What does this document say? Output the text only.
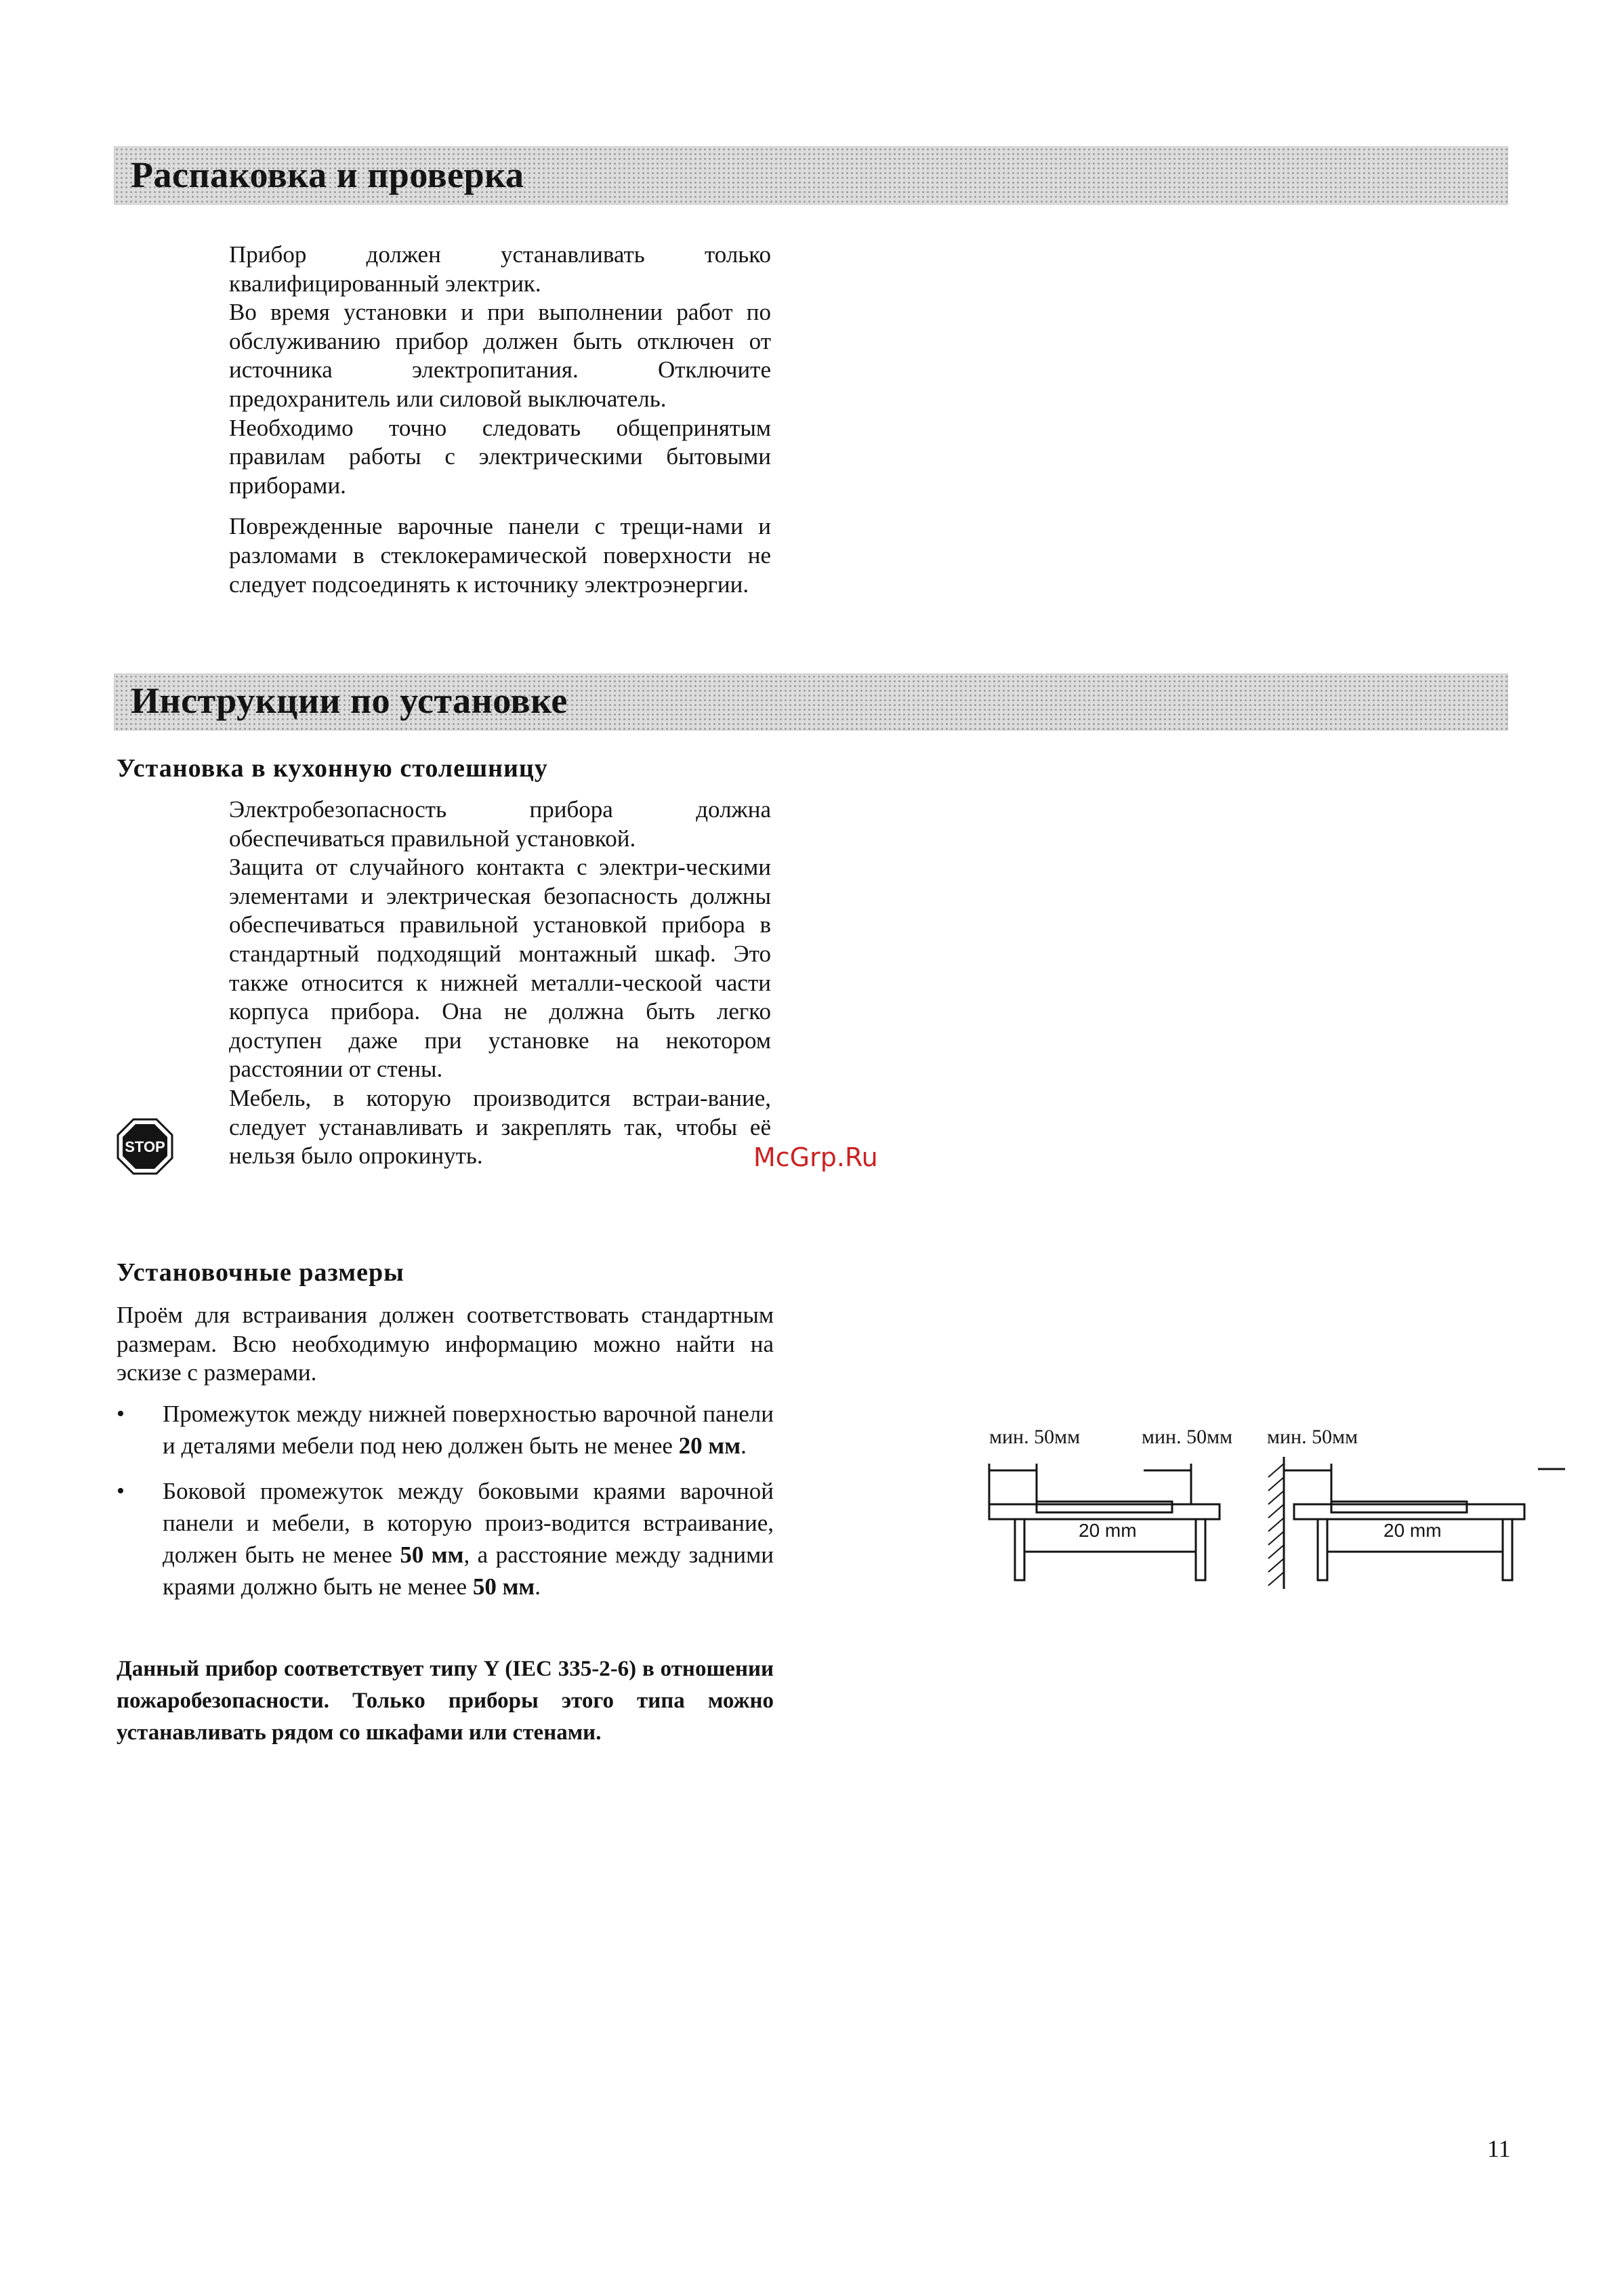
Распаковка и проверка

Прибор должен устанавливать только квалифицированный электрик.

Во время установки и при выполнении работ по обслуживанию прибор должен быть отключен от источника электропитания. Отключите предохранитель или силовой выключатель.

Необходимо точно следовать общепринятым правилам работы с электрическими бытовыми приборами.

Поврежденные варочные панели с трещи-нами и разломами в стеклокерамической поверхности не следует подсоединять к источнику электроэнергии.

Инструкции по установке
Установка в кухонную столешницу

Электробезопасность прибора должна обеспечиваться правильной установкой.

Защита от случайного контакта с электри-ческими элементами и электрическая безопасность должны обеспечиваться правильной установкой прибора в стандартный подходящий монтажный шкаф. Это также относится к нижней металли-ческоой части корпуса прибора. Она не должна быть легко доступен даже при установке на некотором расстоянии от стены.

Мебель, в которую производится встраи-вание, следует устанавливать и закреплять так, чтобы её нельзя было опрокинуть.

STOP	McGrp.Ru
Установочные размеры
Проём для встраивания должен соответствовать стандартным размерам. Всю необходимую информацию можно найти на эскизе с размерами.
• Промежуток между нижней поверхностью варочной панели и деталями мебели под нею должен быть не менее 20 мм.
• Боковой промежуток между боковыми краями варочной панели и мебели, в которую произ-водится встраивание, должен быть не менее 50 мм, а расстояние между задними краями должно быть не менее 50 мм.

Данный прибор соответствует типу Y (IEC 335-2-6) в отношении пожаробезопасности. Только приборы этого типа можно устанавливать рядом со шкафами или стенами.

мин. 50мм	мин. 50мм мин. 50мм
20 mm	20 mm
11
